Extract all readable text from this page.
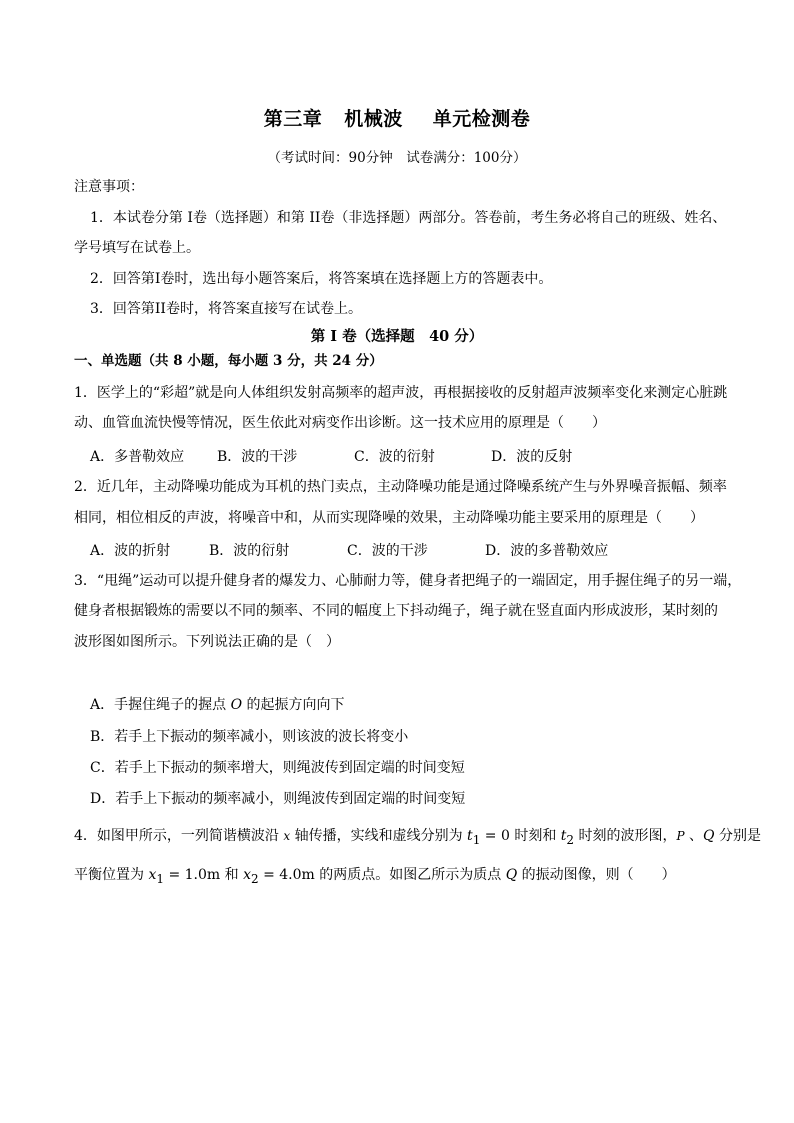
第三章 机械波 单元检测卷
（考试时间：90分钟　试卷满分：100分）
注意事项：
1．本试卷分第 I卷（选择题）和第 II卷（非选择题）两部分。答卷前，考生务必将自己的班级、姓名、
学号填写在试卷上。
2．回答第I卷时，选出每小题答案后，将答案填在选择题上方的答题表中。
3．回答第II卷时，将答案直接写在试卷上。
第 I 卷（选择题　40 分）
一、单选题（共 8 小题，每小题 3 分，共 24 分）
1．医学上的“彩超”就是向人体组织发射高频率的超声波，再根据接收的反射超声波频率变化来测定心脏跳
动、血管血流快慢等情况，医生依此对病变作出诊断。这一技术应用的原理是（　　）
A．多普勒效应 B．波的干涉	C．波的衍射	D．波的反射
2．近几年，主动降噪功能成为耳机的热门卖点，主动降噪功能是通过降噪系统产生与外界噪音振幅、频率
相同，相位相反的声波，将噪音中和，从而实现降噪的效果，主动降噪功能主要采用的原理是（　　）
A．波的折射	B．波的衍射	C．波的干涉	D．波的多普勒效应
3．“甩绳”运动可以提升健身者的爆发力、心肺耐力等，健身者把绳子的一端固定，用手握住绳子的另一端，
健身者根据锻炼的需要以不同的频率、不同的幅度上下抖动绳子，绳子就在竖直面内形成波形，某时刻的
波形图如图所示。下列说法正确的是（　）
A．手握住绳子的握点 O 的起振方向向下
B．若手上下振动的频率减小，则该波的波长将变小
C．若手上下振动的频率增大，则绳波传到固定端的时间变短
D．若手上下振动的频率减小，则绳波传到固定端的时间变短
4．如图甲所示，一列简谐横波沿 x 轴传播，实线和虚线分别为 $t_1 = 0$ 时刻和 $t_2$ 时刻的波形图，P 、Q 分别是
平衡位置为 $x_1 = 1.0m$ 和 $x_2 = 4.0m$ 的两质点。如图乙所示为质点 Q 的振动图像，则（　　）
